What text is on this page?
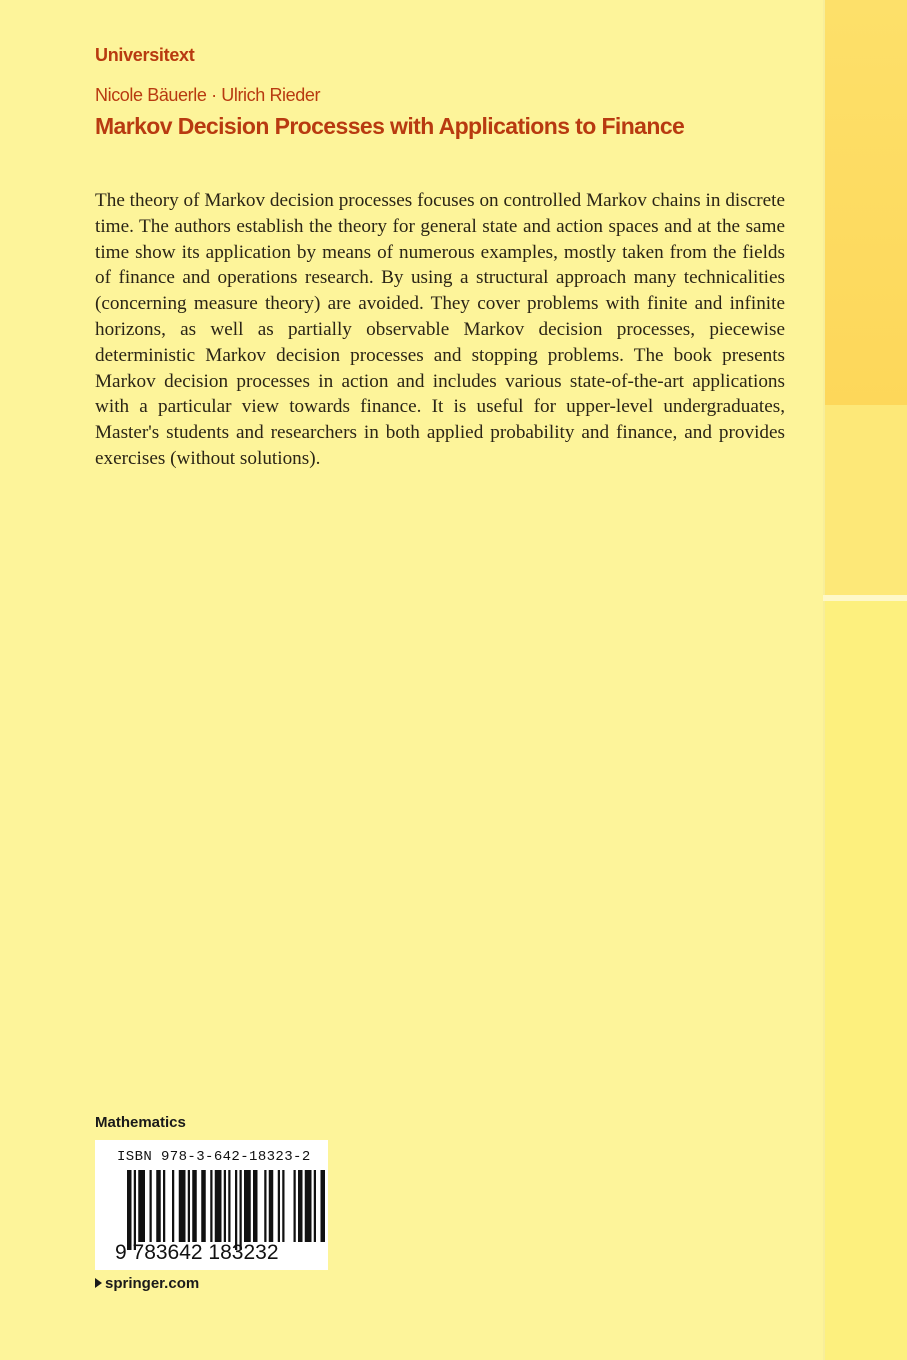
Universitext
Nicole Bäuerle · Ulrich Rieder
Markov Decision Processes with Applications to Finance

The theory of Markov decision processes focuses on controlled Markov chains in discrete time. The authors establish the theory for general state and action spaces and at the same time show its application by means of numerous examples, mostly taken from the fields of finance and operations research. By using a structural approach many technicalities (concerning measure theory) are avoided. They cover problems with finite and infinite horizons, as well as partially observable Markov decision processes, piecewise deterministic Markov decision processes and stopping problems. The book presents Markov decision processes in action and includes various state-of-the-art applications with a particular view towards finance. It is useful for upper-level undergraduates, Master's students and researchers in both applied probability and finance, and provides exercises (without solutions).

Mathematics
ISBN 978-3-642-18323-2
9 783642 183232
springer.com
